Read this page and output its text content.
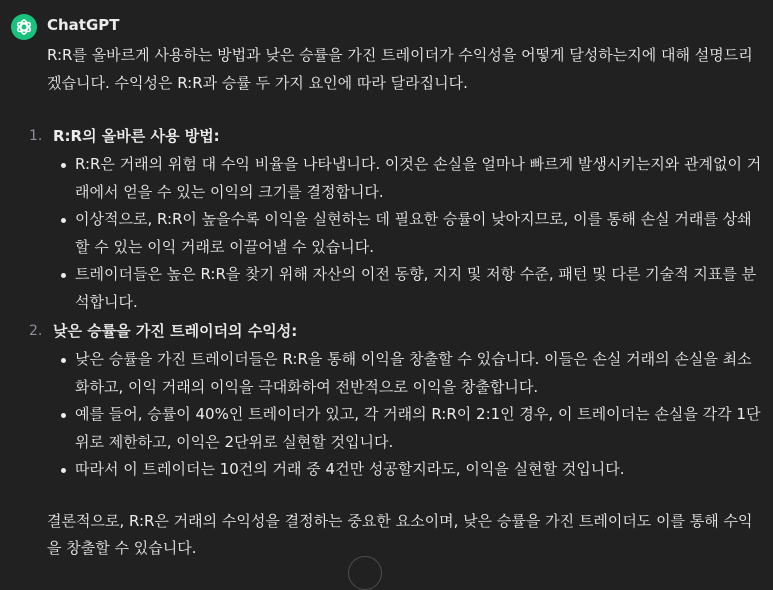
ChatGPT

R:R를 올바르게 사용하는 방법과 낮은 승률을 가진 트레이더가 수익성을 어떻게 달성하는지에 대해 설명드리겠습니다. 수익성은 R:R과 승률 두 가지 요인에 따라 달라집니다.

1. R:R의 올바른 사용 방법:
R:R은 거래의 위험 대 수익 비율을 나타냅니다. 이것은 손실을 얼마나 빠르게 발생시키는지와 관계없이 거래에서 얻을 수 있는 이익의 크기를 결정합니다.
이상적으로, R:R이 높을수록 이익을 실현하는 데 필요한 승률이 낮아지므로, 이를 통해 손실 거래를 상쇄할 수 있는 이익 거래로 이끌어낼 수 있습니다.
트레이더들은 높은 R:R을 찾기 위해 자산의 이전 동향, 지지 및 저항 수준, 패턴 및 다른 기술적 지표를 분석합니다.
2. 낮은 승률을 가진 트레이더의 수익성:
낮은 승률을 가진 트레이더들은 R:R을 통해 이익을 창출할 수 있습니다. 이들은 손실 거래의 손실을 최소화하고, 이익 거래의 이익을 극대화하여 전반적으로 이익을 창출합니다.
예를 들어, 승률이 40%인 트레이더가 있고, 각 거래의 R:R이 2:1인 경우, 이 트레이더는 손실을 각각 1단위로 제한하고, 이익은 2단위로 실현할 것입니다.
따라서 이 트레이더는 10건의 거래 중 4건만 성공할지라도, 이익을 실현할 것입니다.

결론적으로, R:R은 거래의 수익성을 결정하는 중요한 요소이며, 낮은 승률을 가진 트레이더도 이를 통해 수익을 창출할 수 있습니다.
